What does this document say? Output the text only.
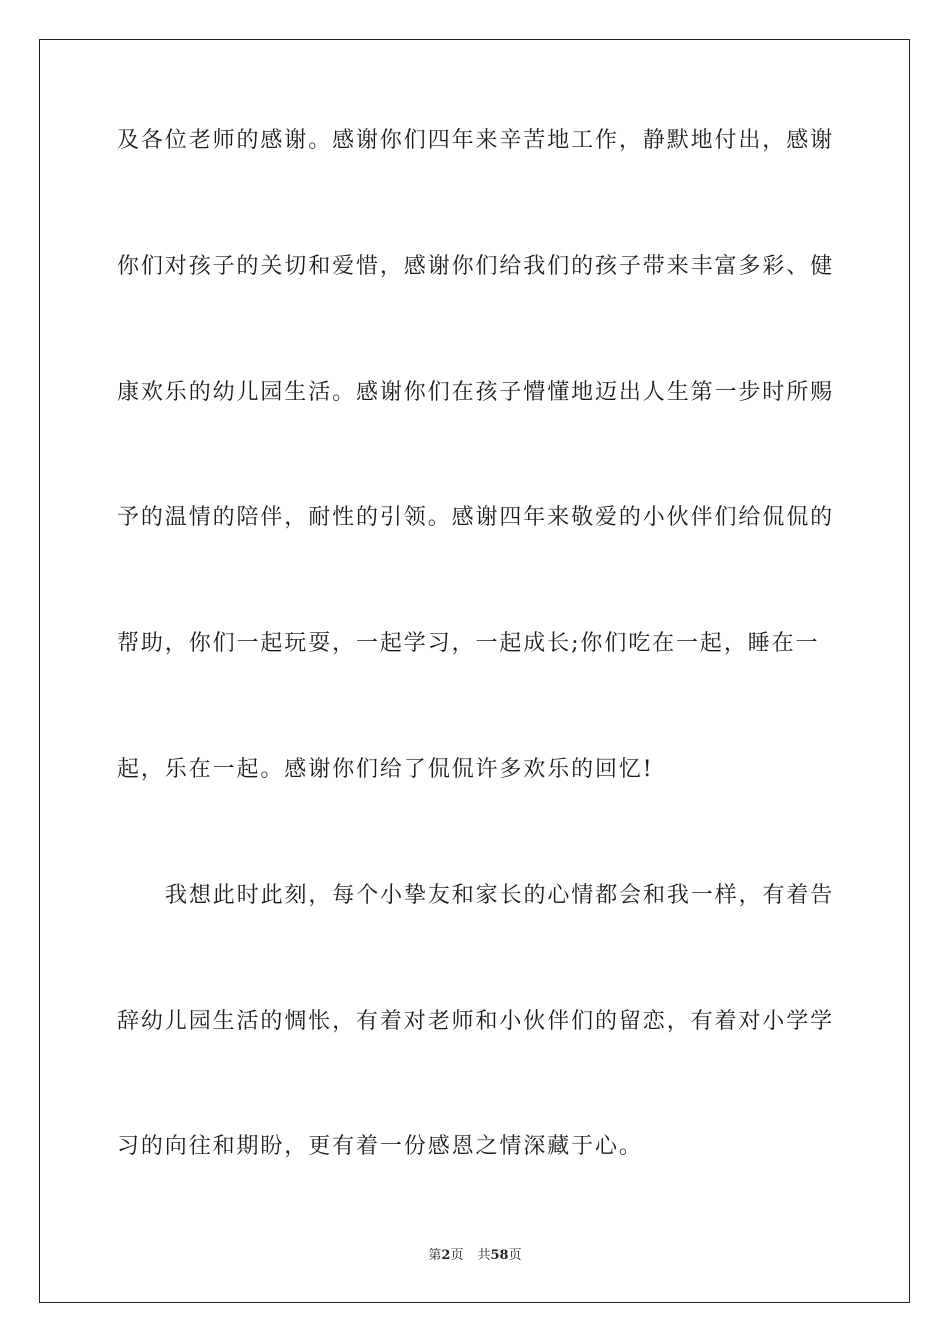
及各位老师的感谢。感谢你们四年来辛苦地工作，静默地付出，感谢
你们对孩子的关切和爱惜，感谢你们给我们的孩子带来丰富多彩、健
康欢乐的幼儿园生活。感谢你们在孩子懵懂地迈出人生第一步时所赐
予的温情的陪伴，耐性的引领。感谢四年来敬爱的小伙伴们给侃侃的
帮助，你们一起玩耍，一起学习，一起成长;你们吃在一起，睡在一
起，乐在一起。感谢你们给了侃侃许多欢乐的回忆!
我想此时此刻，每个小挚友和家长的心情都会和我一样，有着告
辞幼儿园生活的惆怅，有着对老师和小伙伴们的留恋，有着对小学学
习的向往和期盼，更有着一份感恩之情深藏于心。
第2页 共58页
